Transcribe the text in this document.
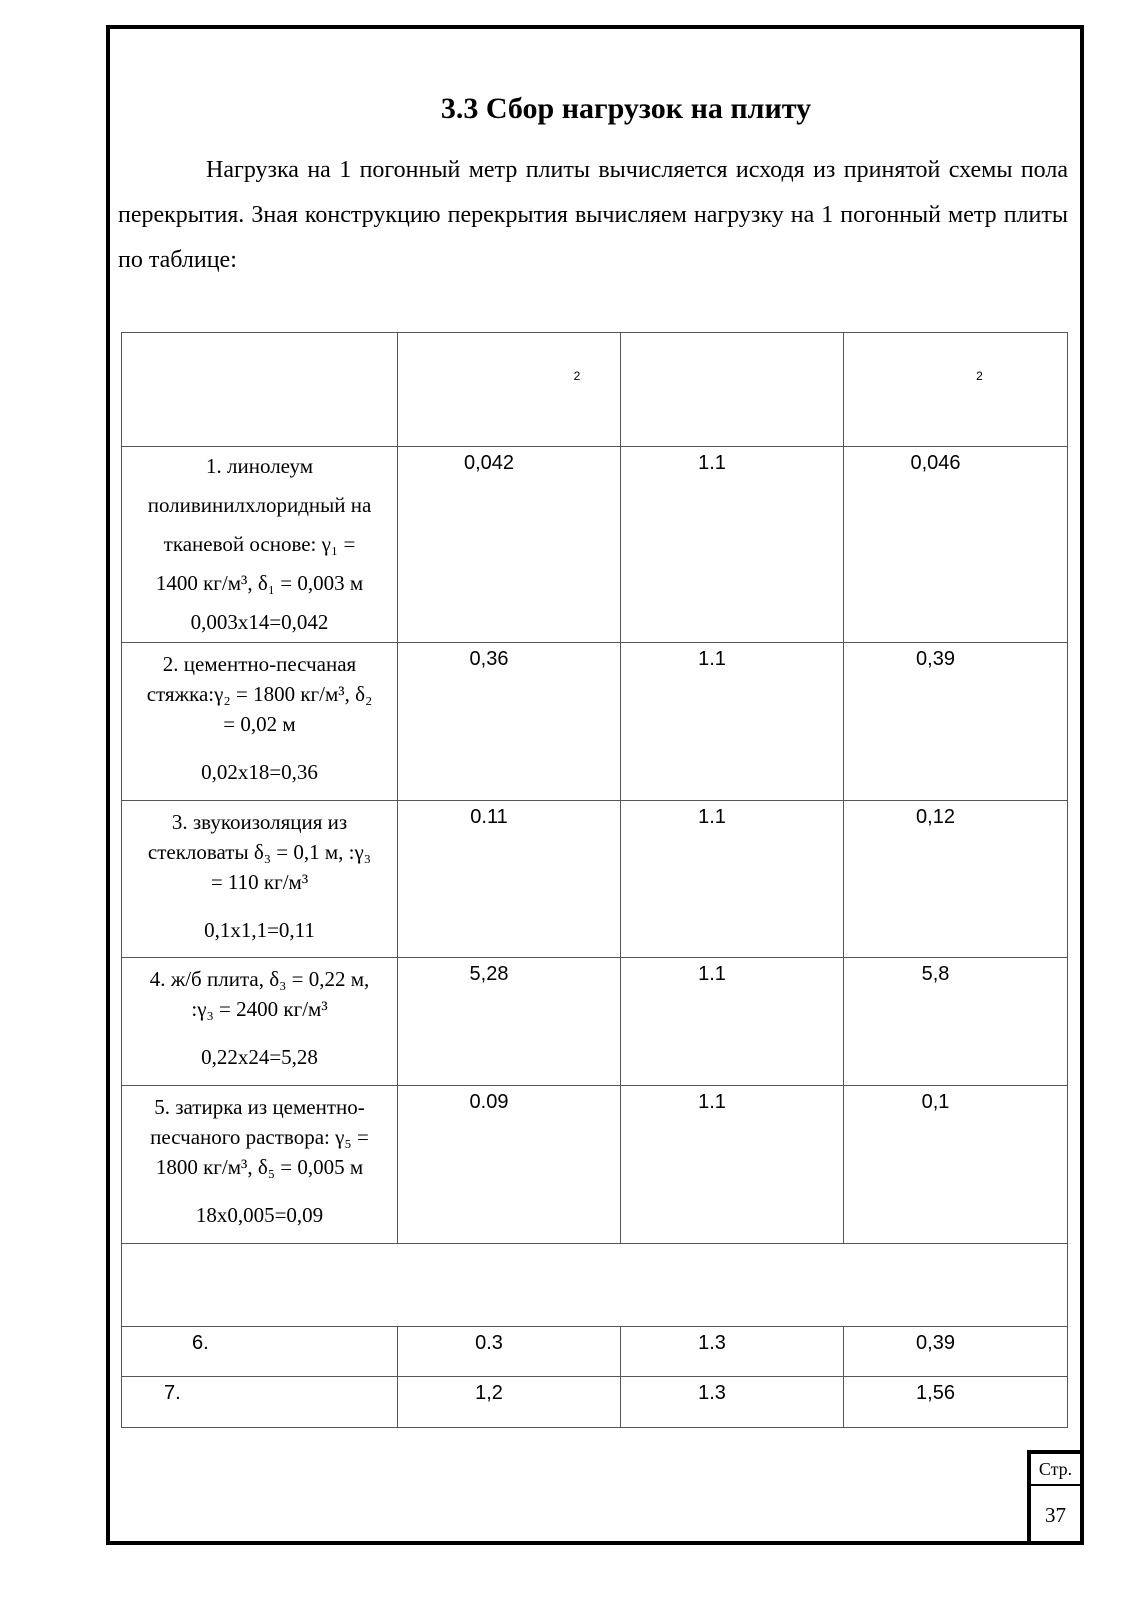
3.3 Сбор нагрузок на плиту

Нагрузка на 1 погонный метр плиты вычисляется исходя из принятой схемы пола перекрытия. Зная конструкцию перекрытия вычисляем нагрузку на 1 погонный метр плиты по таблице:

	2		2

1. линолеум
поливинилхлоридный на
тканевой основе: γ₁ =
1400 кг/м³, δ₁ = 0,003 м
0,003х14=0,042	0,042	1.1	0,046

2. цементно-песчаная
стяжка:γ₂ = 1800 кг/м³, δ₂
= 0,02 м
0,02х18=0,36	0,36	1.1	0,39

3. звукоизоляция из
стекловаты δ₃ = 0,1 м, :γ₃
= 110 кг/м³
0,1х1,1=0,11	0.11	1.1	0,12

4. ж/б плита, δ₃ = 0,22 м,
:γ₃ = 2400 кг/м³
0,22х24=5,28	5,28	1.1	5,8

5. затирка из цементно-
песчаного раствора: γ₅ =
1800 кг/м³, δ₅ = 0,005 м
18х0,005=0,09	0.09	1.1	0,1

6.	0.3	1.3	0,39
7.	1,2	1.3	1,56
Стр.
37
